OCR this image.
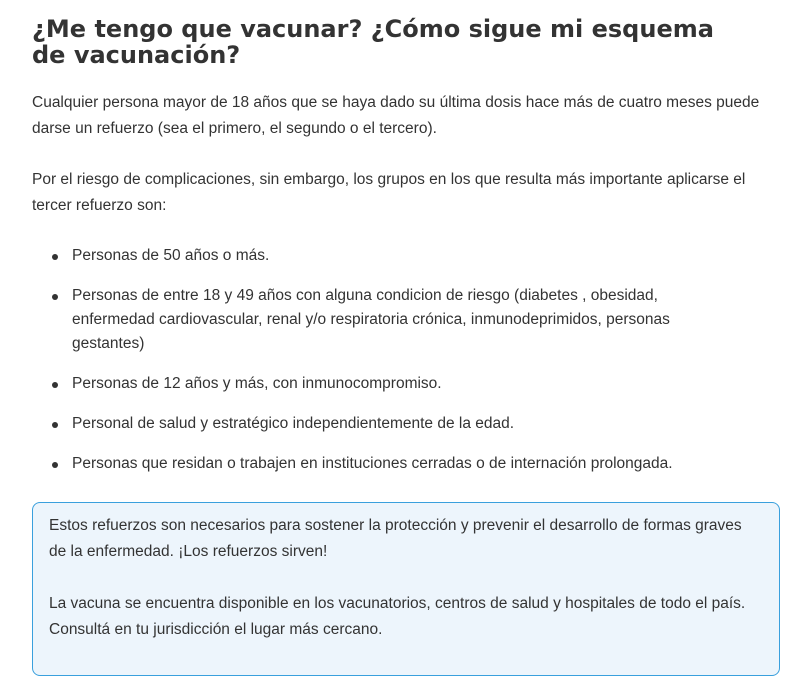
¿Me tengo que vacunar? ¿Cómo sigue mi esquema de vacunación?

Cualquier persona mayor de 18 años que se haya dado su última dosis hace más de cuatro meses puede darse un refuerzo (sea el primero, el segundo o el tercero).

Por el riesgo de complicaciones, sin embargo, los grupos en los que resulta más importante aplicarse el tercer refuerzo son:

Personas de 50 años o más.
Personas de entre 18 y 49 años con alguna condicion de riesgo (diabetes , obesidad, enfermedad cardiovascular, renal y/o respiratoria crónica, inmunodeprimidos, personas gestantes)
Personas de 12 años y más, con inmunocompromiso.
Personal de salud y estratégico independientemente de la edad.
Personas que residan o trabajen en instituciones cerradas o de internación prolongada.

Estos refuerzos son necesarios para sostener la protección y prevenir el desarrollo de formas graves de la enfermedad. ¡Los refuerzos sirven!

La vacuna se encuentra disponible en los vacunatorios, centros de salud y hospitales de todo el país. Consultá en tu jurisdicción el lugar más cercano.
